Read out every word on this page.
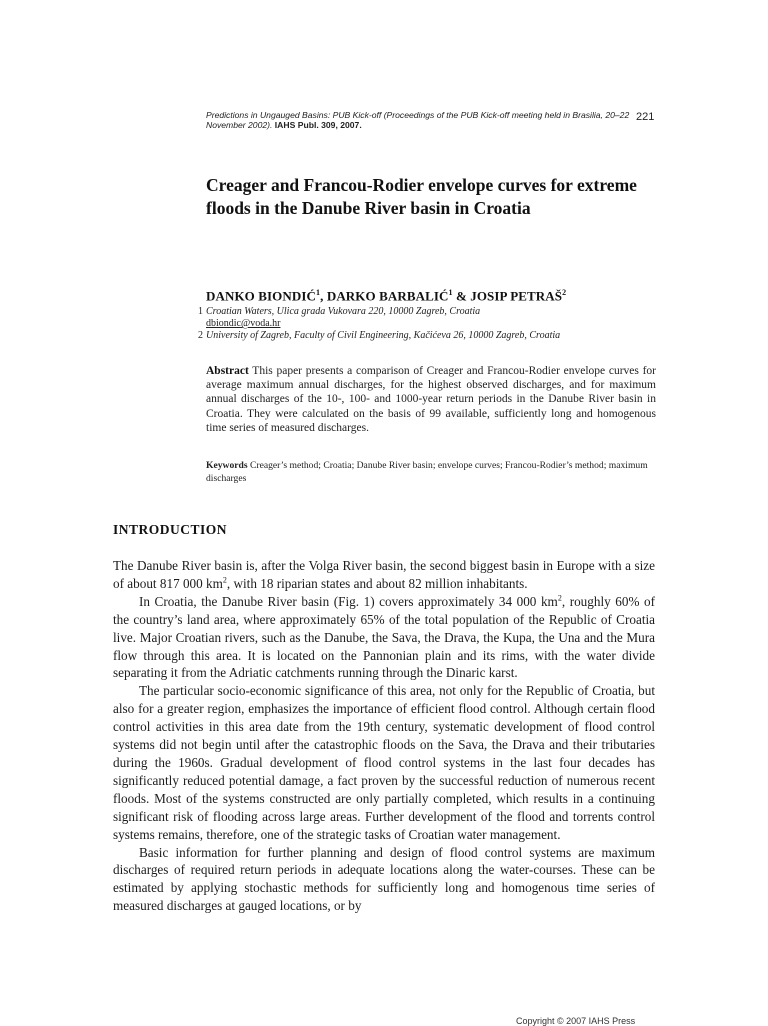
Predictions in Ungauged Basins: PUB Kick-off (Proceedings of the PUB Kick-off meeting held in Brasilia, 20–22 November 2002). IAHS Publ. 309, 2007.
221
Creager and Francou-Rodier envelope curves for extreme floods in the Danube River basin in Croatia
DANKO BIONDIĆ$^1$, DARKO BARBALIĆ$^1$ & JOSIP PETRAŠ$^2$
1 Croatian Waters, Ulica grada Vukovara 220, 10000 Zagreb, Croatia
dbiondic@voda.hr
2 University of Zagreb, Faculty of Civil Engineering, Kačićeva 26, 10000 Zagreb, Croatia
Abstract This paper presents a comparison of Creager and Francou-Rodier envelope curves for average maximum annual discharges, for the highest observed discharges, and for maximum annual discharges of the 10-, 100- and 1000-year return periods in the Danube River basin in Croatia. They were calculated on the basis of 99 available, sufficiently long and homogenous time series of measured discharges.
Keywords Creager’s method; Croatia; Danube River basin; envelope curves; Francou-Rodier’s method; maximum discharges
INTRODUCTION

The Danube River basin is, after the Volga River basin, the second biggest basin in Europe with a size of about 817 000 $km^2$, with 18 riparian states and about 82 million inhabitants.

In Croatia, the Danube River basin (Fig. 1) covers approximately 34 000 $km^2$, roughly 60% of the country’s land area, where approximately 65% of the total population of the Republic of Croatia live. Major Croatian rivers, such as the Danube, the Sava, the Drava, the Kupa, the Una and the Mura flow through this area. It is located on the Pannonian plain and its rims, with the water divide separating it from the Adriatic catchments running through the Dinaric karst.

The particular socio-economic significance of this area, not only for the Republic of Croatia, but also for a greater region, emphasizes the importance of efficient flood control. Although certain flood control activities in this area date from the 19th century, systematic development of flood control systems did not begin until after the catastrophic floods on the Sava, the Drava and their tributaries during the 1960s. Gradual development of flood control systems in the last four decades has significantly reduced potential damage, a fact proven by the successful reduction of numerous recent floods. Most of the systems constructed are only partially completed, which results in a continuing significant risk of flooding across large areas. Further development of the flood and torrents control systems remains, therefore, one of the strategic tasks of Croatian water management.

Basic information for further planning and design of flood control systems are maximum discharges of required return periods in adequate locations along the water-courses. These can be estimated by applying stochastic methods for sufficiently long and homogenous time series of measured discharges at gauged locations, or by

Copyright © 2007 IAHS Press
